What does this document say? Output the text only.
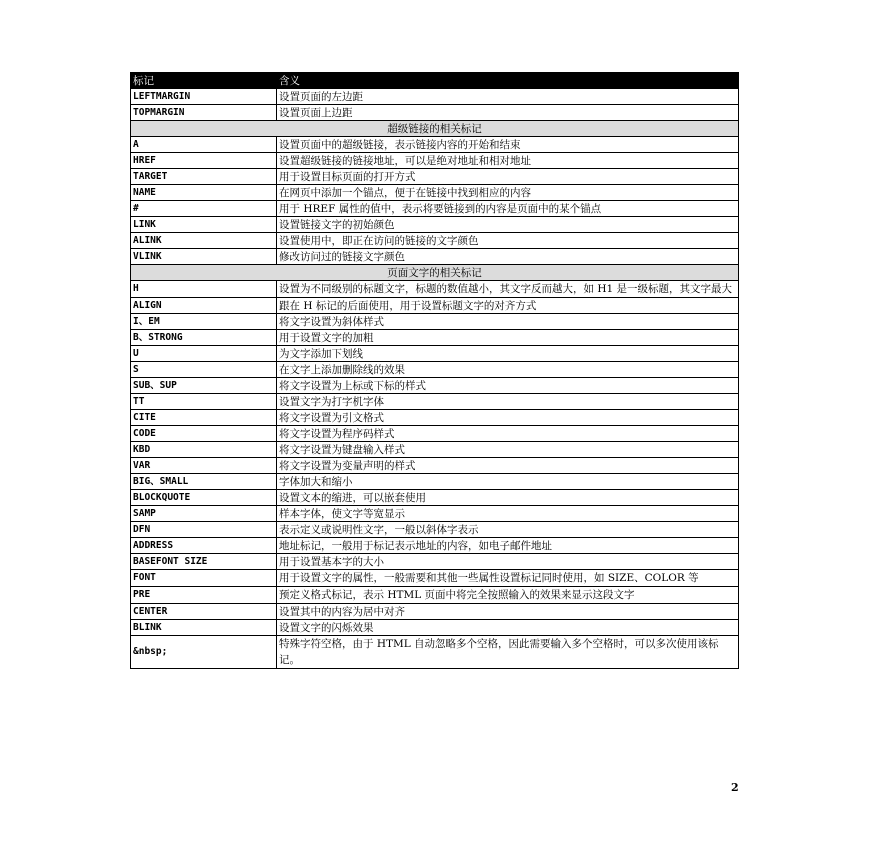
标记	含义
LEFTMARGIN	设置页面的左边距
TOPMARGIN	设置页面上边距
超级链接的相关标记	
A	设置页面中的超级链接，表示链接内容的开始和结束
HREF	设置超级链接的链接地址，可以是绝对地址和相对地址
TARGET	用于设置目标页面的打开方式
NAME	在网页中添加一个锚点，便于在链接中找到相应的内容
#	用于 HREF 属性的值中，表示将要链接到的内容是页面中的某个锚点
LINK	设置链接文字的初始颜色
ALINK	设置使用中，即正在访问的链接的文字颜色
VLINK	修改访问过的链接文字颜色
页面文字的相关标记	
H	设置为不同级别的标题文字，标题的数值越小，其文字反而越大，如 H1 是一级标题，其文字最大
ALIGN	跟在 H 标记的后面使用，用于设置标题文字的对齐方式
I、EM	将文字设置为斜体样式
B、STRONG	用于设置文字的加粗
U	为文字添加下划线
S	在文字上添加删除线的效果
SUB、SUP	将文字设置为上标或下标的样式
TT	设置文字为打字机字体
CITE	将文字设置为引文格式
CODE	将文字设置为程序码样式
KBD	将文字设置为键盘输入样式
VAR	将文字设置为变量声明的样式
BIG、SMALL	字体加大和缩小
BLOCKQUOTE	设置文本的缩进，可以嵌套使用
SAMP	样本字体，使文字等宽显示
DFN	表示定义或说明性文字，一般以斜体字表示
ADDRESS	地址标记，一般用于标记表示地址的内容，如电子邮件地址
BASEFONT SIZE	用于设置基本字的大小
FONT	用于设置文字的属性，一般需要和其他一些属性设置标记同时使用，如 SIZE、COLOR 等
PRE	预定义格式标记，表示 HTML 页面中将完全按照输入的效果来显示这段文字
CENTER	设置其中的内容为居中对齐
BLINK	设置文字的闪烁效果
&nbsp;	特殊字符空格，由于 HTML 自动忽略多个空格，因此需要输入多个空格时，可以多次使用该标记。
2
